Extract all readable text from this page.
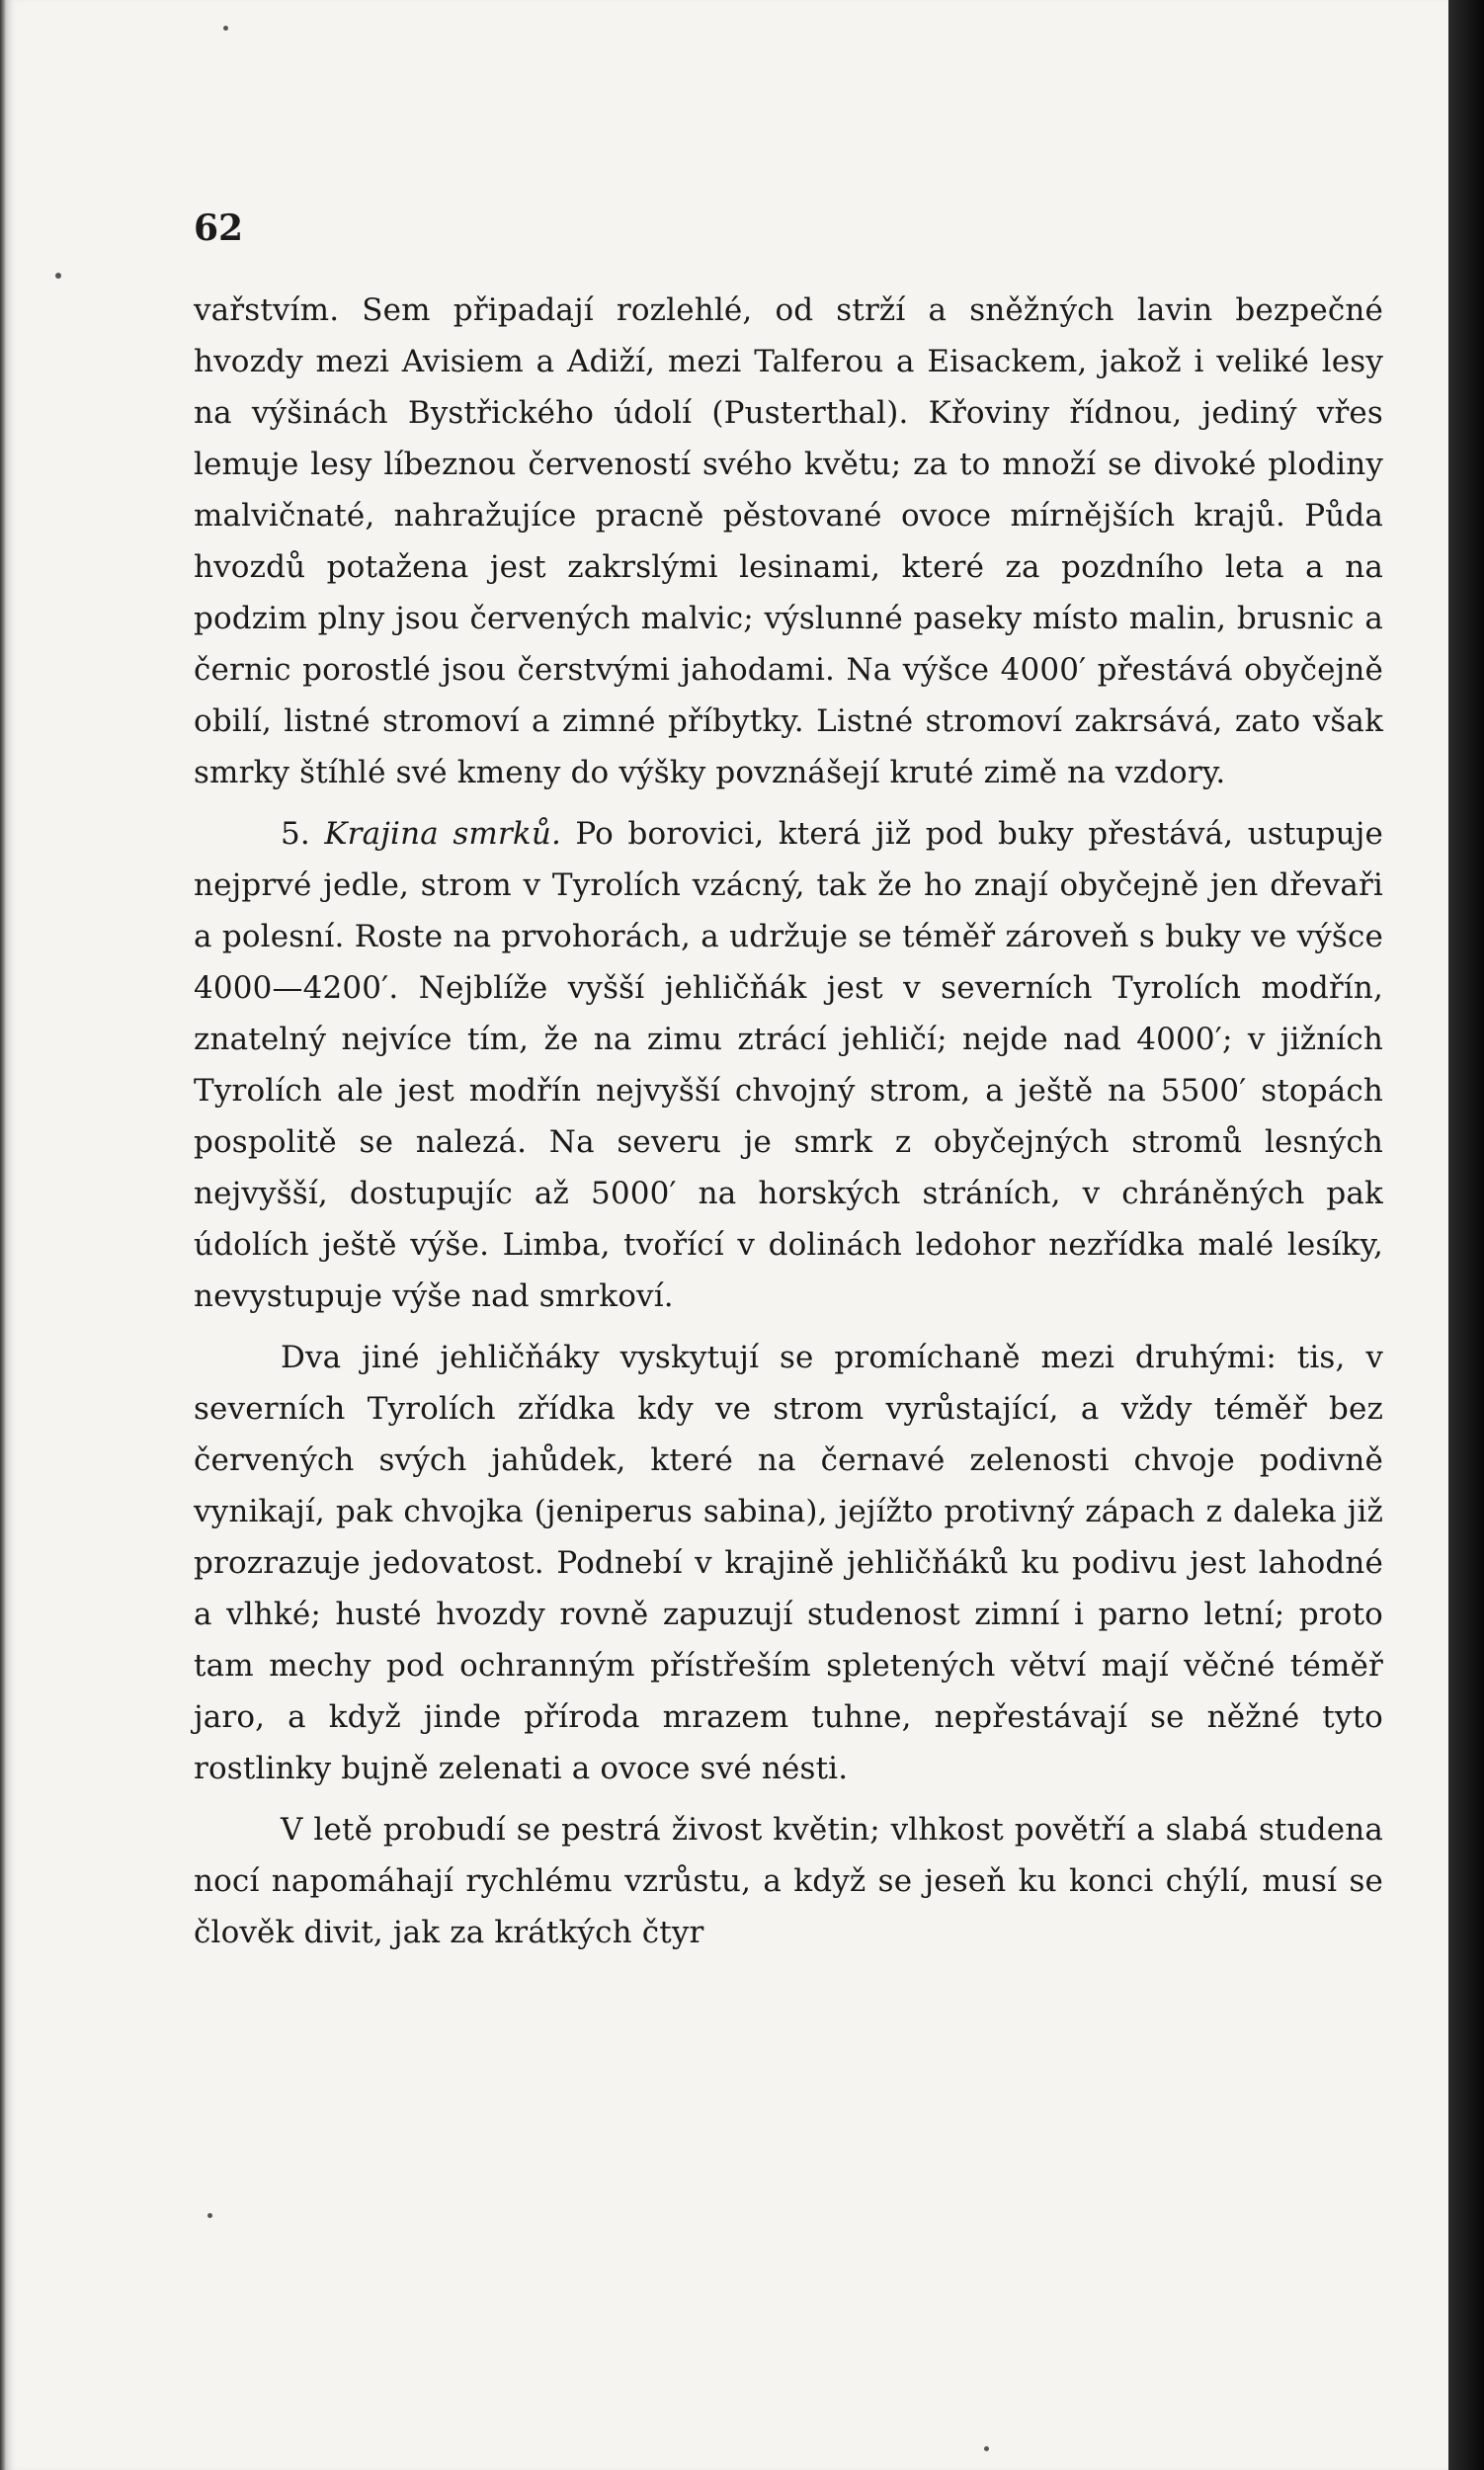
62

vařstvím. Sem připadají rozlehlé, od strží a sněžných lavin bezpečné hvozdy mezi Avisiem a Adiží, mezi Talferou a Eisackem, jakož i veliké lesy na výšinách Bystřického údolí (Pusterthal). Křoviny řídnou, jediný vřes lemuje lesy líbeznou červeností svého květu; za to množí se divoké plodiny malvičnaté, nahražujíce pracně pěstované ovoce mírnějších krajů. Půda hvozdů potažena jest zakrslými lesinami, které za pozdního leta a na podzim plny jsou červených malvic; výslunné paseky místo malin, brusnic a černic porostlé jsou čerstvými jahodami. Na výšce 4000′ přestává obyčejně obilí, listné stromoví a zimné příbytky. Listné stromoví zakrsává, zato však smrky štíhlé své kmeny do výšky povznášejí kruté zimě na vzdory.

5. Krajina smrků. Po borovici, která již pod buky přestává, ustupuje nejprvé jedle, strom v Tyrolích vzácný, tak že ho znají obyčejně jen dřevaři a polesní. Roste na prvohorách, a udržuje se téměř zároveň s buky ve výšce 4000—4200′. Nejblíže vyšší jehličňák jest v severních Tyrolích modřín, znatelný nejvíce tím, že na zimu ztrácí jehličí; nejde nad 4000′; v jižních Tyrolích ale jest modřín nejvyšší chvojný strom, a ještě na 5500′ stopách pospolitě se nalezá. Na severu je smrk z obyčejných stromů lesných nejvyšší, dostupujíc až 5000′ na horských stráních, v chráněných pak údolích ještě výše. Limba, tvořící v dolinách ledohor nezřídka malé lesíky, nevystupuje výše nad smrkoví.

Dva jiné jehličňáky vyskytují se promíchaně mezi druhými: tis, v severních Tyrolích zřídka kdy ve strom vyrůstající, a vždy téměř bez červených svých jahůdek, které na černavé zelenosti chvoje podivně vynikají, pak chvojka (jeniperus sabina), jejížto protivný zápach z daleka již prozrazuje jedovatost. Podnebí v krajině jehličňáků ku podivu jest lahodné a vlhké; husté hvozdy rovně zapuzují studenost zimní i parno letní; proto tam mechy pod ochranným přístřeším spletených větví mají věčné téměř jaro, a když jinde příroda mrazem tuhne, nepřestávají se něžné tyto rostlinky bujně zelenati a ovoce své nésti.

V letě probudí se pestrá živost květin; vlhkost povětří a slabá studena nocí napomáhají rychlému vzrůstu, a když se jeseň ku konci chýlí, musí se člověk divit, jak za krátkých čtyr
